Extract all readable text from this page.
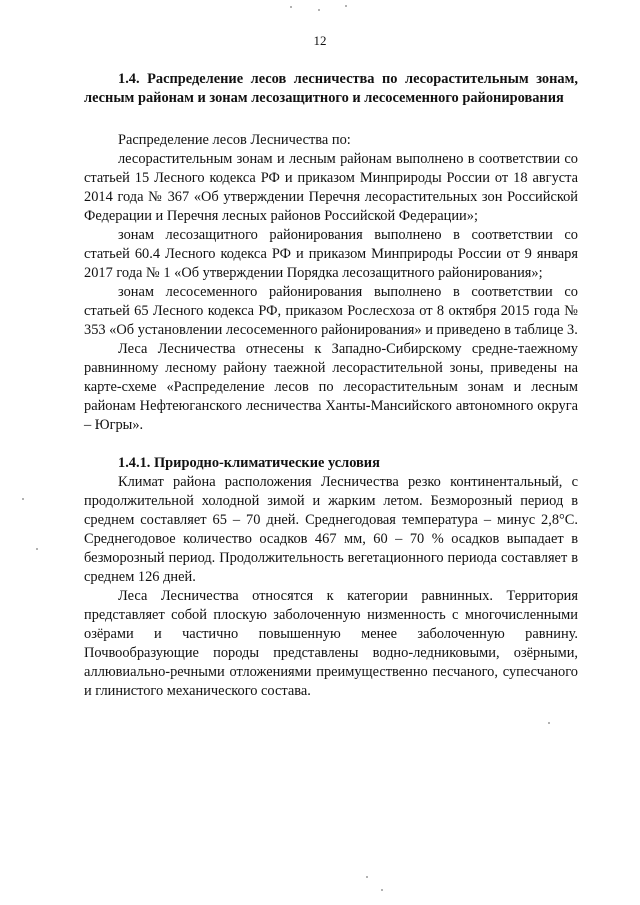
12
1.4. Распределение лесов лесничества по лесорастительным зонам, лесным районам и зонам лесозащитного и лесосеменного районирования

Распределение лесов Лесничества по:

лесорастительным зонам и лесным районам выполнено в соответствии со статьей 15 Лесного кодекса РФ и приказом Минприроды России от 18 августа 2014 года № 367 «Об утверждении Перечня лесорастительных зон Российской Федерации и Перечня лесных районов Российской Федерации»;

зонам лесозащитного районирования выполнено в соответствии со статьей 60.4 Лесного кодекса РФ и приказом Минприроды России от 9 января 2017 года № 1 «Об утверждении Порядка лесозащитного районирования»;

зонам лесосеменного районирования выполнено в соответствии со статьей 65 Лесного кодекса РФ, приказом Рослесхоза от 8 октября 2015 года № 353 «Об установлении лесосеменного районирования» и приведено в таблице 3.

Леса Лесничества отнесены к Западно-Сибирскому средне-таежному равнинному лесному району таежной лесорастительной зоны, приведены на карте-схеме «Распределение лесов по лесорастительным зонам и лесным районам Нефтеюганского лесничества Ханты-Мансийского автономного округа – Югры».

1.4.1. Природно-климатические условия

Климат района расположения Лесничества резко континентальный, с продолжительной холодной зимой и жарким летом. Безморозный период в среднем составляет 65 – 70 дней. Среднегодовая температура – минус 2,8°С. Среднегодовое количество осадков 467 мм, 60 – 70 % осадков выпадает в безморозный период. Продолжительность вегетационного периода составляет в среднем 126 дней.

Леса Лесничества относятся к категории равнинных. Территория представляет собой плоскую заболоченную низменность с многочисленными озёрами и частично повышенную менее заболоченную равнину. Почвообразующие породы представлены водно-ледниковыми, озёрными, аллювиально-речными отложениями преимущественно песчаного, супесчаного и глинистого механического состава.
